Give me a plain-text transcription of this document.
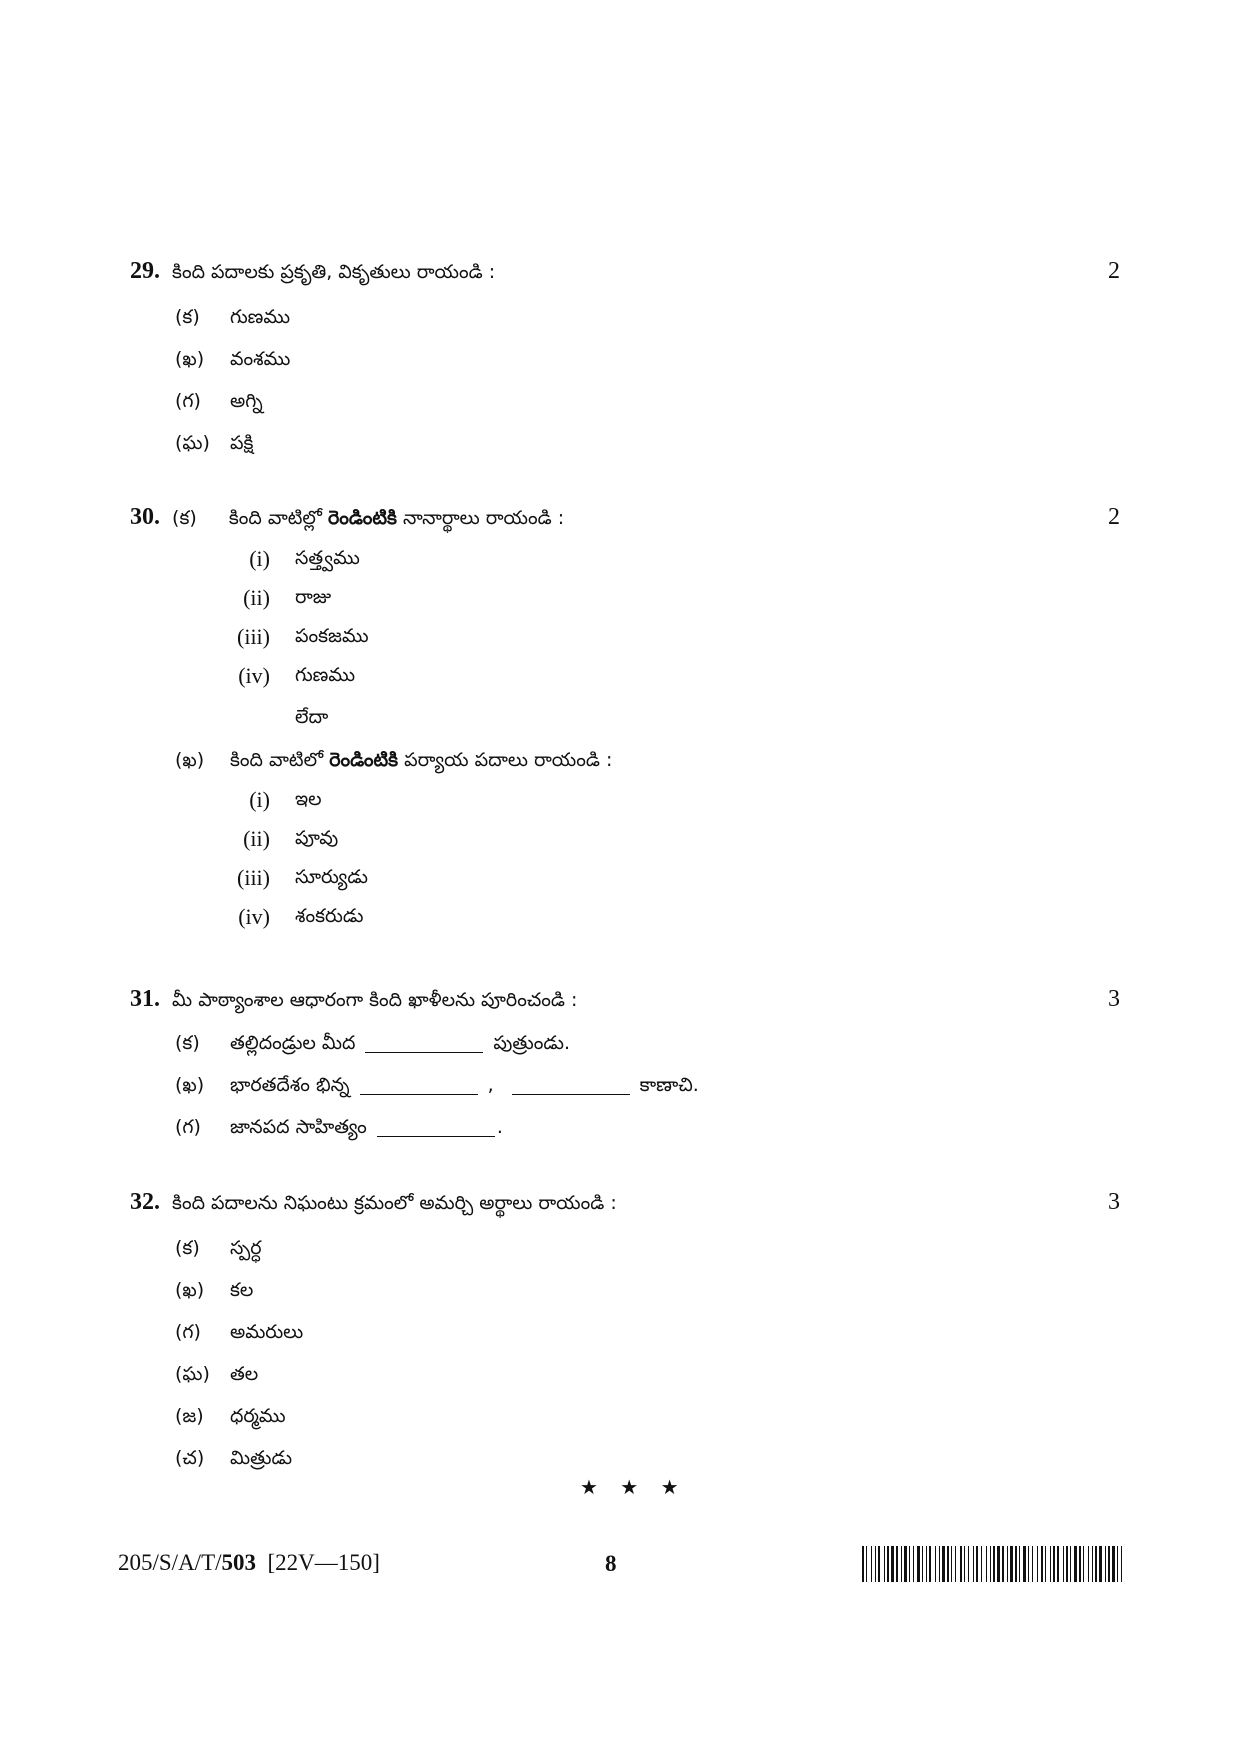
29. కింది పదాలకు ప్రకృతి, వికృతులు రాయండి :	2
(క)	గుణము
(ఖ)	వంశము
(గ)	అగ్ని
(ఘ) పక్షి
30. (క) కింది వాటిల్లో రెండింటికి నానార్థాలు రాయండి :	2
(i) సత్త్వము
(ii) రాజు
(iii) పంకజము
(iv) గుణము
లేదా
(ఖ) కింది వాటిలో రెండింటికి పర్యాయ పదాలు రాయండి :
(i) ఇల
(ii) పూవు
(iii) సూర్యుడు
(iv) శంకరుడు
31. మీ పాఠ్యాంశాల ఆధారంగా కింది ఖాళీలను పూరించండి :	3
(క)	తల్లిదండ్రుల మీద	పుత్రుండు.
(ఖ)	భారతదేశం భిన్న	,	కాణాచి.
(గ)	జానపద సాహిత్యం	.
32. కింది పదాలను నిఘంటు క్రమంలో అమర్చి అర్థాలు రాయండి :	3
(క)	స్పర్ధ
(ఖ)	కల
(గ)	అమరులు
(ఘ) తల
(జ)	ధర్మము
(చ)	మిత్రుడు
★ ★ ★
205/S/A/T/503 [22V—150]	8
